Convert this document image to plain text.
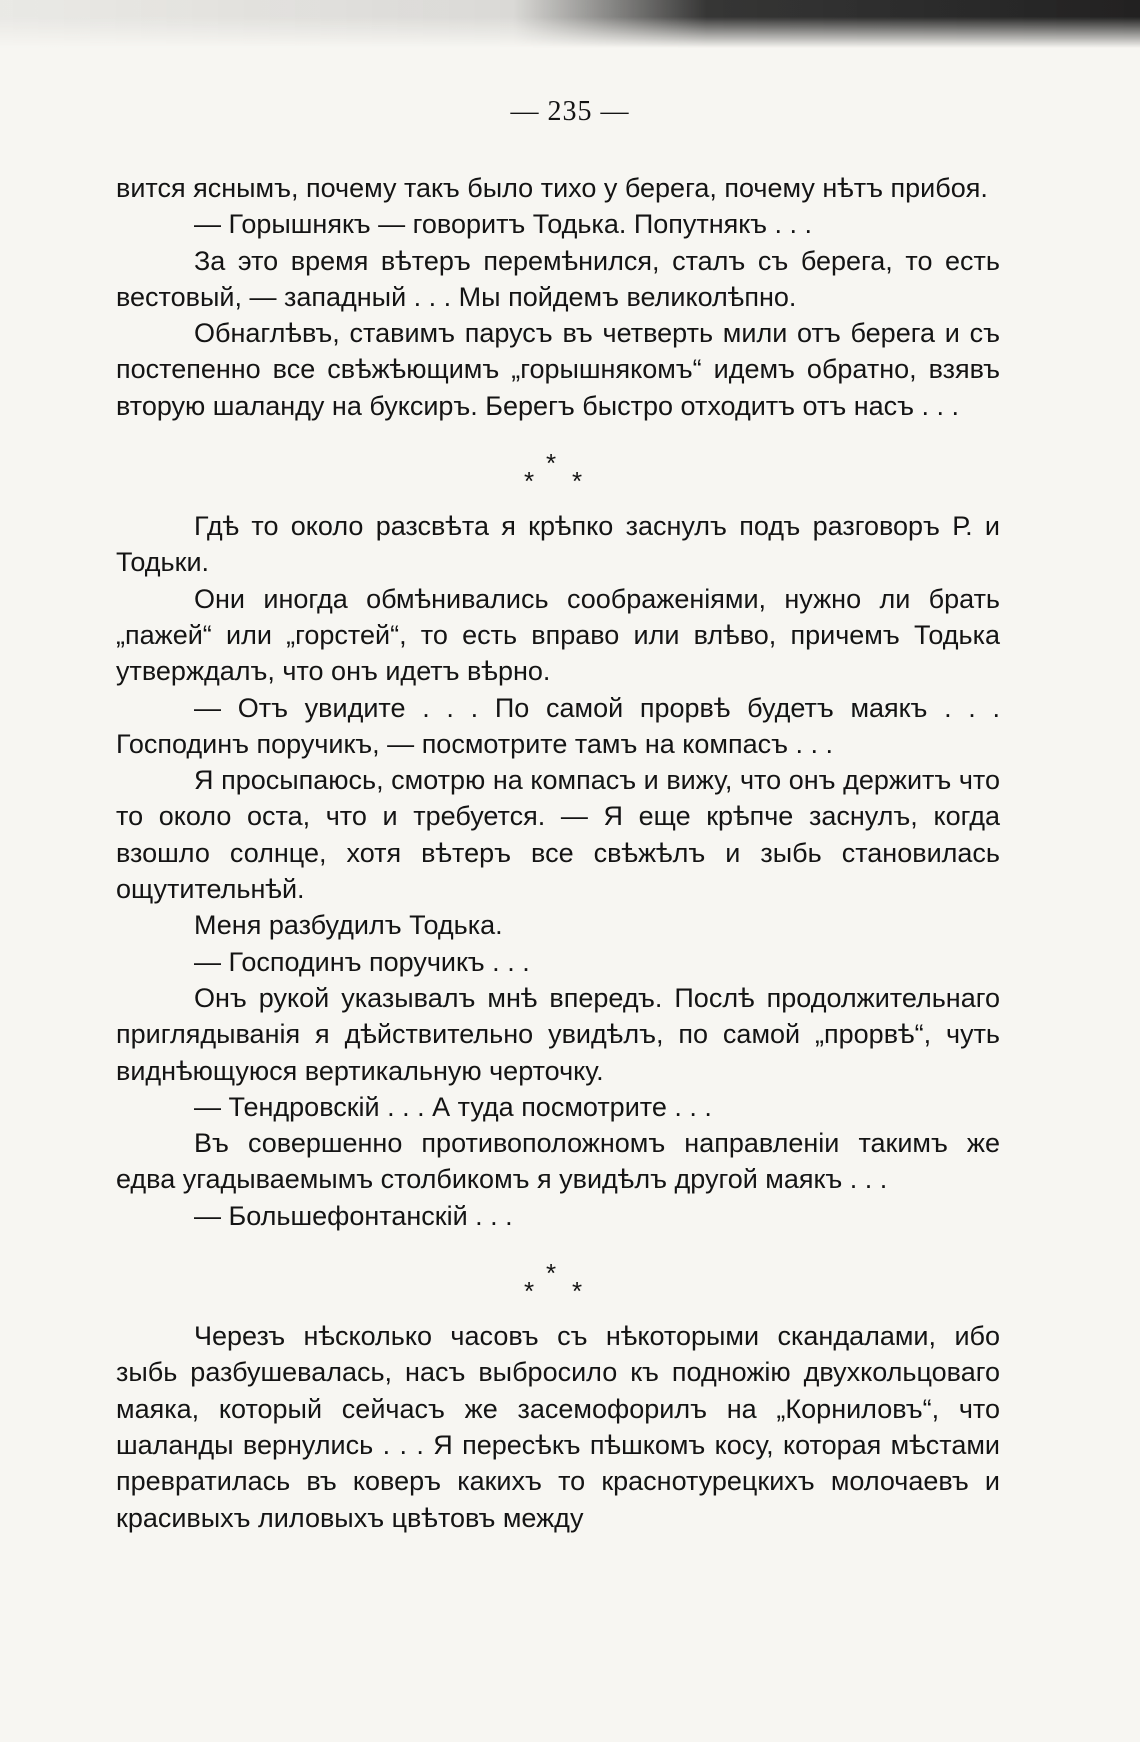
— 235 —

вится яснымъ, почему такъ было тихо у берега, почему нѣтъ прибоя.

— Горышнякъ — говоритъ Тодька. Попутнякъ . . .

За это время вѣтеръ перемѣнился, сталъ съ берега, то есть вестовый, — западный . . . Мы пойдемъ великолѣпно.

Обнаглѣвъ, ставимъ парусъ въ четверть мили отъ берега и съ постепенно все свѣжѣющимъ „горышнякомъ“ идемъ обратно, взявъ вторую шаланду на буксиръ. Берегъ быстро отходитъ отъ насъ . . .

*
* *

Гдѣ то около разсвѣта я крѣпко заснулъ подъ разговоръ Р. и Тодьки.

Они иногда обмѣнивались соображеніями, нужно ли брать „пажей“ или „горстей“, то есть вправо или влѣво, причемъ Тодька утверждалъ, что онъ идетъ вѣрно.

— Отъ увидите . . . По самой прорвѣ будетъ маякъ . . . Господинъ поручикъ, — посмотрите тамъ на компасъ . . .

Я просыпаюсь, смотрю на компасъ и вижу, что онъ держитъ что то около оста, что и требуется. — Я еще крѣпче заснулъ, когда взошло солнце, хотя вѣтеръ все свѣжѣлъ и зыбь становилась ощутительнѣй.

Меня разбудилъ Тодька.

— Господинъ поручикъ . . .

Онъ рукой указывалъ мнѣ впередъ. Послѣ продолжительнаго приглядыванія я дѣйствительно увидѣлъ, по самой „прорвѣ“, чуть виднѣющуюся вертикальную черточку.

— Тендровскій . . . А туда посмотрите . . .

Въ совершенно противоположномъ направленіи такимъ же едва угадываемымъ столбикомъ я увидѣлъ другой маякъ . . .

— Большефонтанскій . . .

*
* *

Черезъ нѣсколько часовъ съ нѣкоторыми скандалами, ибо зыбь разбушевалась, насъ выбросило къ подножію двухкольцоваго маяка, который сейчасъ же засемофорилъ на „Корниловъ“, что шаланды вернулись . . . Я пересѣкъ пѣшкомъ косу, которая мѣстами превратилась въ коверъ какихъ то краснотурецкихъ молочаевъ и красивыхъ лиловыхъ цвѣтовъ между
